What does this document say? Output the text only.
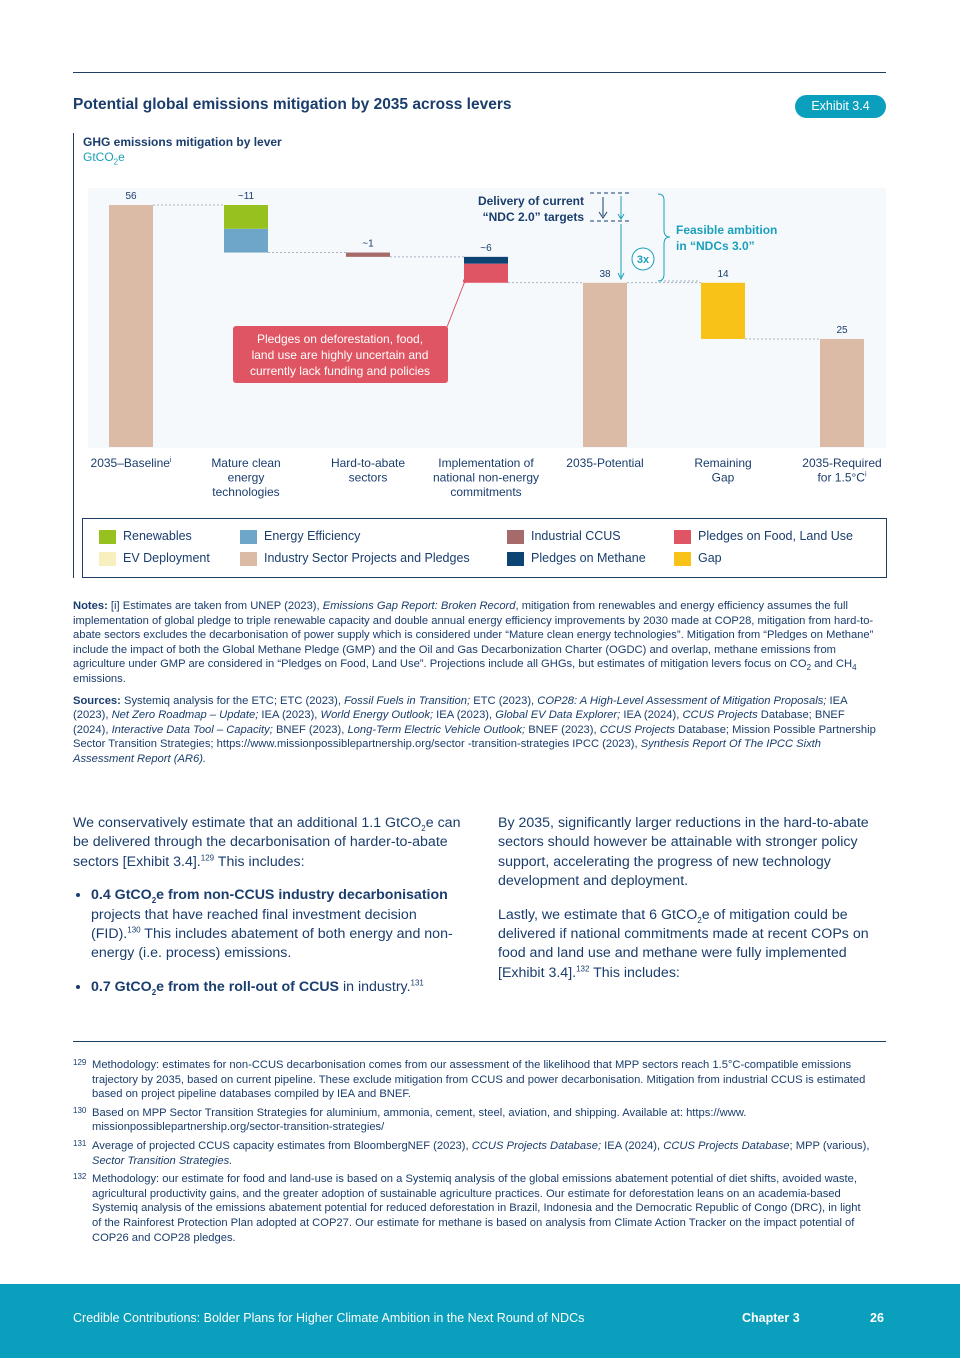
Potential global emissions mitigation by 2035 across levers	Exhibit 3.4
GHG emissions mitigation by lever
GtCO$_2$e
56	~11
~1	~6
38	14
25
2035–Baseline$^i$	Mature clean
energy
technologies
Hard-to-abate
sectors
Implementation of
national non-energy
commitments
2035-Potential	Remaining
Gap
2035-Required
for $1.5^\circ C^i$
Delivery of current
“NDC 2.0” targets
3x
Feasible ambition
in “NDCs 3.0”
Pledges on deforestation, food,
land use are highly uncertain and
currently lack funding and policies
Renewables
EV Deployment
Energy Efficiency
Industry Sector Projects and Pledges
Industrial CCUS
Pledges on Methane
Pledges on Food, Land Use
Gap

Notes: [i] Estimates are taken from UNEP (2023), Emissions Gap Report: Broken Record, mitigation from renewables and energy efficiency assumes the full implementation of global pledge to triple renewable capacity and double annual energy efficiency improvements by 2030 made at COP28, mitigation from hard-to-abate sectors excludes the decarbonisation of power supply which is considered under “Mature clean energy technologies”. Mitigation from “Pledges on Methane” include the impact of both the Global Methane Pledge (GMP) and the Oil and Gas Decarbonization Charter (OGDC) and overlap, methane emissions from agriculture under GMP are considered in “Pledges on Food, Land Use”. Projections include all GHGs, but estimates of mitigation levers focus on $CO_2$ and $CH_4$ emissions.

Sources: Systemiq analysis for the ETC; ETC (2023), Fossil Fuels in Transition; ETC (2023), COP28: A High-Level Assessment of Mitigation Proposals; IEA (2023), Net Zero Roadmap – Update; IEA (2023), World Energy Outlook; IEA (2023), Global EV Data Explorer; IEA (2024), CCUS Projects Database; BNEF (2024), Interactive Data Tool – Capacity; BNEF (2023), Long-Term Electric Vehicle Outlook; BNEF (2023), CCUS Projects Database; Mission Possible Partnership Sector Transition Strategies; https://www.missionpossiblepartnership.org/sector -transition-strategies IPCC (2023), Synthesis Report Of The IPCC Sixth Assessment Report (AR6).

We conservatively estimate that an additional 1.1 GtCO$_2$e can be delivered through the decarbonisation of harder-to-abate sectors [Exhibit 3.4].$^{129}$ This includes:

• 0.4 GtCO$_2$e from non-CCUS industry decarbonisation projects that have reached final investment decision (FID).$^{130}$ This includes abatement of both energy and non-energy (i.e. process) emissions.
• 0.7 GtCO$_2$e from the roll-out of CCUS in industry.$^{131}$

By 2035, significantly larger reductions in the hard-to-abate sectors should however be attainable with stronger policy support, accelerating the progress of new technology development and deployment.

Lastly, we estimate that 6 GtCO$_2$e of mitigation could be delivered if national commitments made at recent COPs on food and land use and methane were fully implemented [Exhibit 3.4].$^{132}$ This includes:

129 Methodology: estimates for non-CCUS decarbonisation comes from our assessment of the likelihood that MPP sectors reach 1.5°C-compatible emissions trajectory by 2035, based on current pipeline. These exclude mitigation from CCUS and power decarbonisation. Mitigation from industrial CCUS is estimated based on project pipeline databases compiled by IEA and BNEF.
130 Based on MPP Sector Transition Strategies for aluminium, ammonia, cement, steel, aviation, and shipping. Available at: https://www. missionpossiblepartnership.org/sector-transition-strategies/
131 Average of projected CCUS capacity estimates from BloombergNEF (2023), CCUS Projects Database; IEA (2024), CCUS Projects Database; MPP (various), Sector Transition Strategies.
132 Methodology: our estimate for food and land-use is based on a Systemiq analysis of the global emissions abatement potential of diet shifts, avoided waste, agricultural productivity gains, and the greater adoption of sustainable agriculture practices. Our estimate for deforestation leans on an academia-based Systemiq analysis of the emissions abatement potential for reduced deforestation in Brazil, Indonesia and the Democratic Republic of Congo (DRC), in light of the Rainforest Protection Plan adopted at COP27. Our estimate for methane is based on analysis from Climate Action Tracker on the impact potential of COP26 and COP28 pledges.
Credible Contributions: Bolder Plans for Higher Climate Ambition in the Next Round of NDCs	Chapter 3	26
